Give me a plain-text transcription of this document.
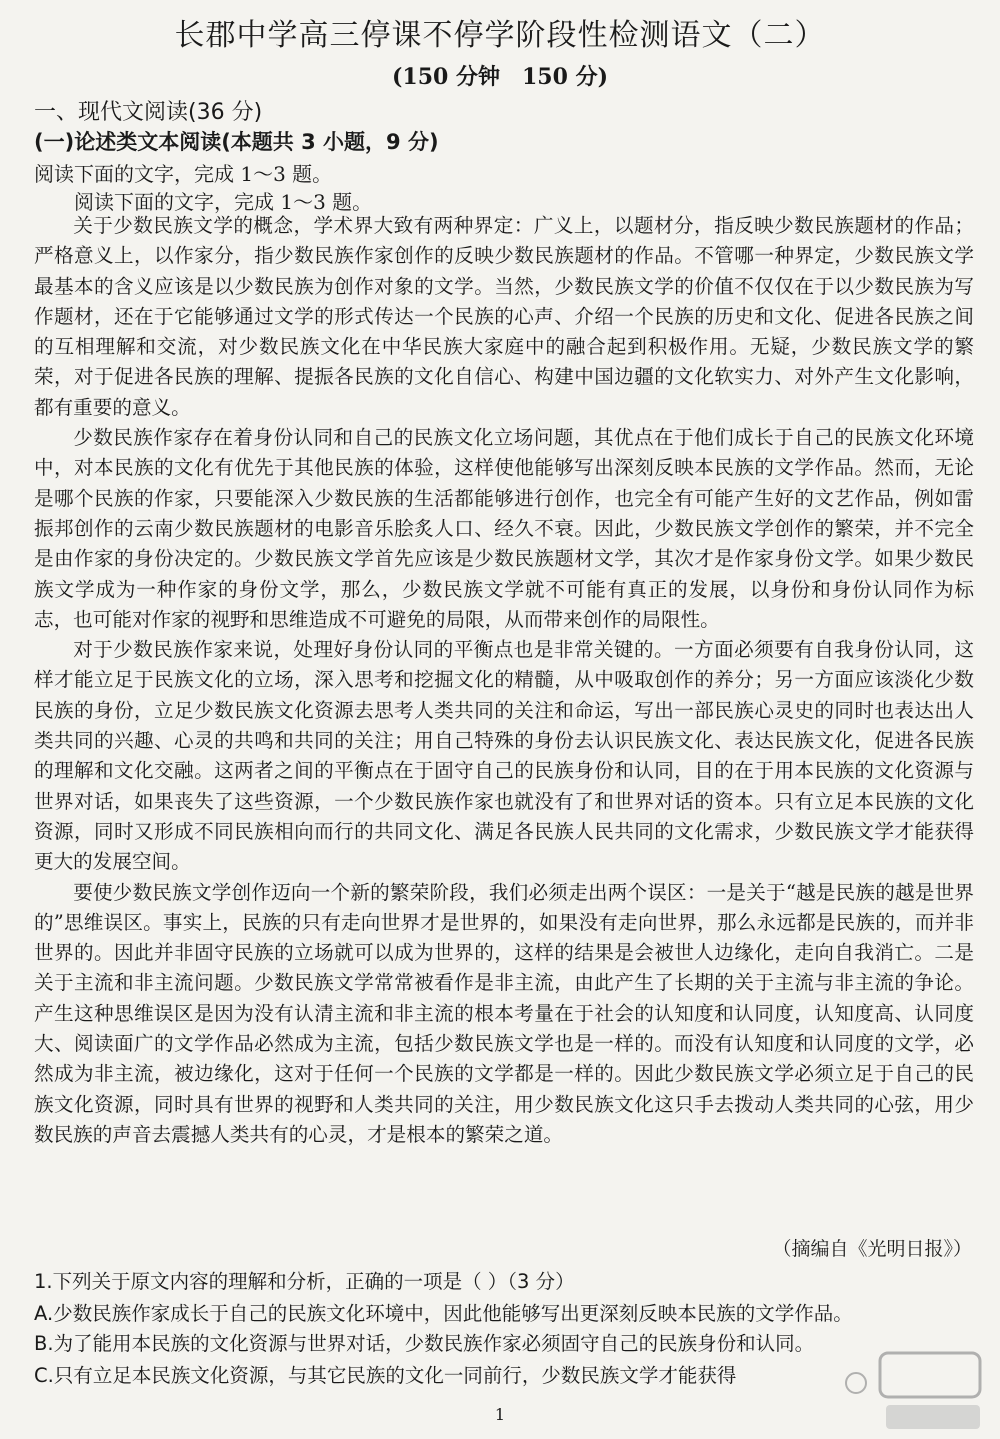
长郡中学高三停课不停学阶段性检测语文（二）
(150 分钟　150 分)
一、现代文阅读(36 分)
(一)论述类文本阅读(本题共 3 小题，9 分)
阅读下面的文字，完成 1～3 题。
阅读下面的文字，完成 1～3 题。

关于少数民族文学的概念，学术界大致有两种界定：广义上，以题材分，指反映少数民族题材的作品；严格意义上，以作家分，指少数民族作家创作的反映少数民族题材的作品。不管哪一种界定，少数民族文学最基本的含义应该是以少数民族为创作对象的文学。当然，少数民族文学的价值不仅仅在于以少数民族为写作题材，还在于它能够通过文学的形式传达一个民族的心声、介绍一个民族的历史和文化、促进各民族之间的互相理解和交流，对少数民族文化在中华民族大家庭中的融合起到积极作用。无疑，少数民族文学的繁荣，对于促进各民族的理解、提振各民族的文化自信心、构建中国边疆的文化软实力、对外产生文化影响，都有重要的意义。

少数民族作家存在着身份认同和自己的民族文化立场问题，其优点在于他们成长于自己的民族文化环境中，对本民族的文化有优先于其他民族的体验，这样使他能够写出深刻反映本民族的文学作品。然而，无论是哪个民族的作家，只要能深入少数民族的生活都能够进行创作，也完全有可能产生好的文艺作品，例如雷振邦创作的云南少数民族题材的电影音乐脍炙人口、经久不衰。因此，少数民族文学创作的繁荣，并不完全是由作家的身份决定的。少数民族文学首先应该是少数民族题材文学，其次才是作家身份文学。如果少数民族文学成为一种作家的身份文学，那么，少数民族文学就不可能有真正的发展，以身份和身份认同作为标志，也可能对作家的视野和思维造成不可避免的局限，从而带来创作的局限性。

对于少数民族作家来说，处理好身份认同的平衡点也是非常关键的。一方面必须要有自我身份认同，这样才能立足于民族文化的立场，深入思考和挖掘文化的精髓，从中吸取创作的养分；另一方面应该淡化少数民族的身份，立足少数民族文化资源去思考人类共同的关注和命运，写出一部民族心灵史的同时也表达出人类共同的兴趣、心灵的共鸣和共同的关注；用自己特殊的身份去认识民族文化、表达民族文化，促进各民族的理解和文化交融。这两者之间的平衡点在于固守自己的民族身份和认同，目的在于用本民族的文化资源与世界对话，如果丧失了这些资源，一个少数民族作家也就没有了和世界对话的资本。只有立足本民族的文化资源，同时又形成不同民族相向而行的共同文化、满足各民族人民共同的文化需求，少数民族文学才能获得更大的发展空间。

要使少数民族文学创作迈向一个新的繁荣阶段，我们必须走出两个误区：一是关于“越是民族的越是世界的”思维误区。事实上，民族的只有走向世界才是世界的，如果没有走向世界，那么永远都是民族的，而并非世界的。因此并非固守民族的立场就可以成为世界的，这样的结果是会被世人边缘化，走向自我消亡。二是关于主流和非主流问题。少数民族文学常常被看作是非主流，由此产生了长期的关于主流与非主流的争论。产生这种思维误区是因为没有认清主流和非主流的根本考量在于社会的认知度和认同度，认知度高、认同度大、阅读面广的文学作品必然成为主流，包括少数民族文学也是一样的。而没有认知度和认同度的文学，必然成为非主流，被边缘化，这对于任何一个民族的文学都是一样的。因此少数民族文学必须立足于自己的民族文化资源，同时具有世界的视野和人类共同的关注，用少数民族文化这只手去拨动人类共同的心弦，用少数民族的声音去震撼人类共有的心灵，才是根本的繁荣之道。

（摘编自《光明日报》）
1.下列关于原文内容的理解和分析，正确的一项是（ ）（3 分）
A.少数民族作家成长于自己的民族文化环境中，因此他能够写出更深刻反映本民族的文学作品。
B.为了能用本民族的文化资源与世界对话，少数民族作家必须固守自己的民族身份和认同。
C.只有立足本民族文化资源，与其它民族的文化一同前行，少数民族文学才能获得
1
